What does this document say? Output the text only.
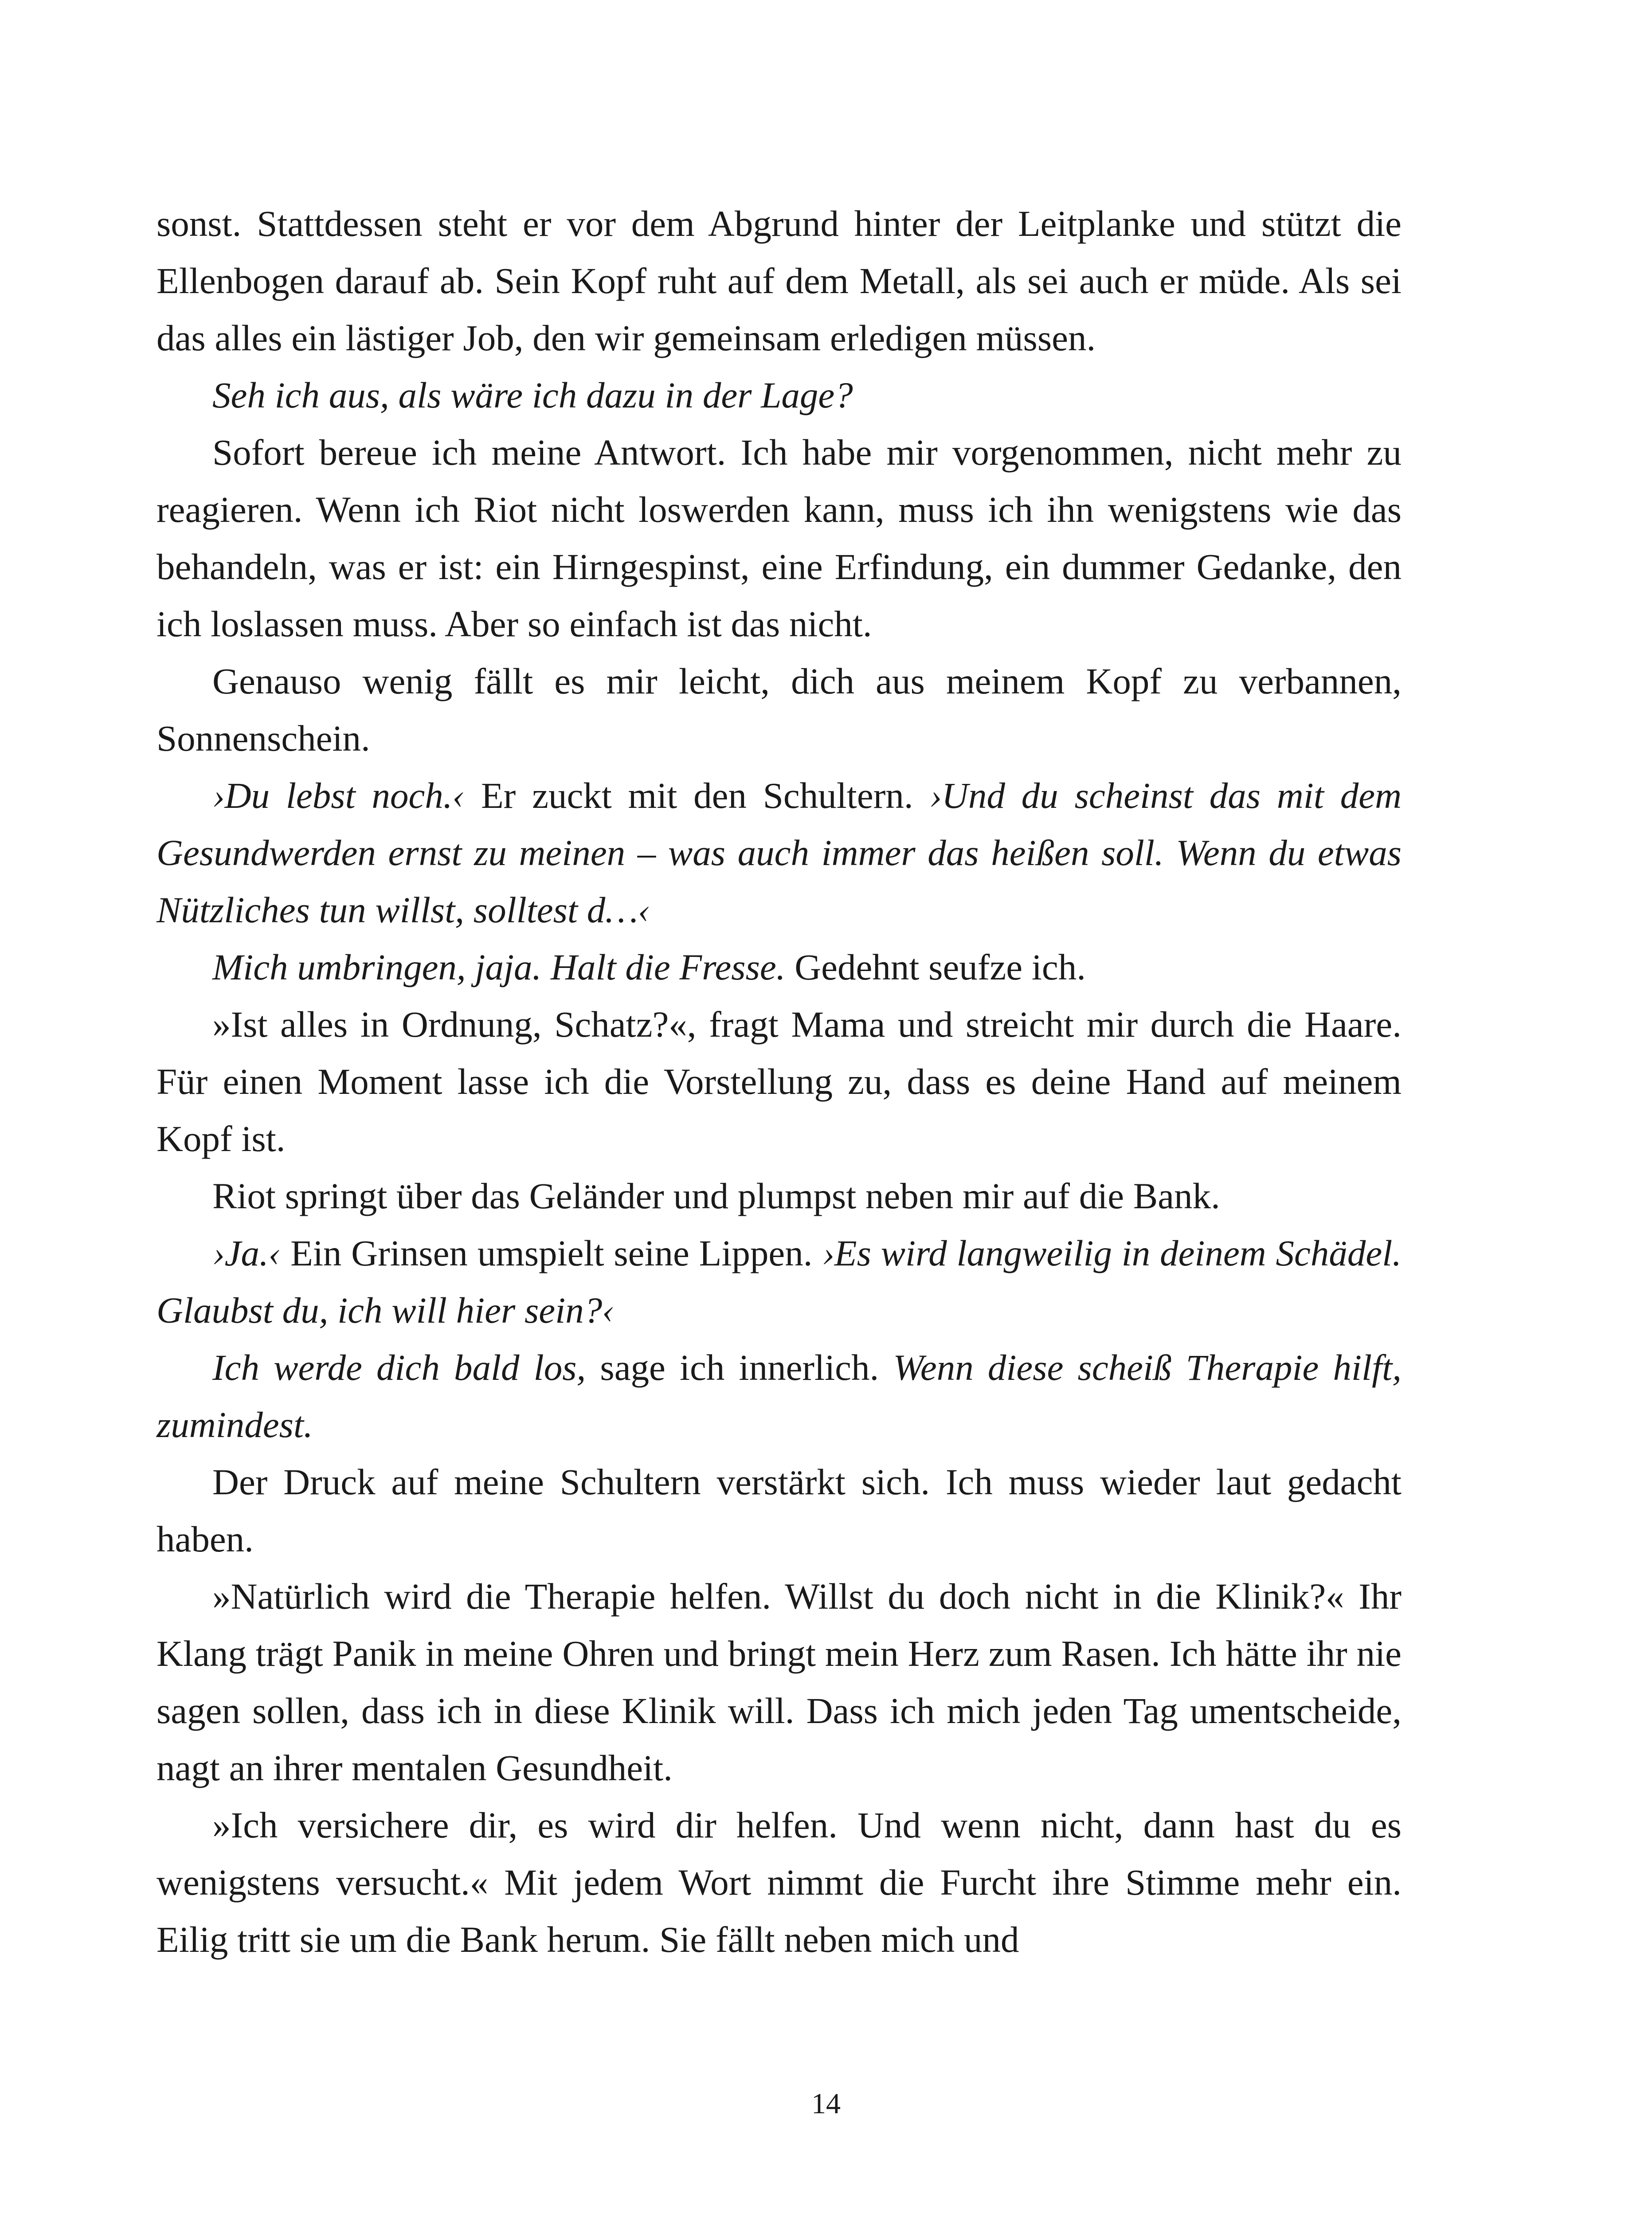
sonst. Stattdessen steht er vor dem Abgrund hinter der Leitplanke und stützt die Ellenbogen darauf ab. Sein Kopf ruht auf dem Metall, als sei auch er müde. Als sei das alles ein lästiger Job, den wir gemeinsam erledigen müssen.

Seh ich aus, als wäre ich dazu in der Lage?

Sofort bereue ich meine Antwort. Ich habe mir vorgenommen, nicht mehr zu reagieren. Wenn ich Riot nicht loswerden kann, muss ich ihn wenigstens wie das behandeln, was er ist: ein Hirngespinst, eine Erfindung, ein dummer Gedanke, den ich loslassen muss. Aber so einfach ist das nicht.

Genauso wenig fällt es mir leicht, dich aus meinem Kopf zu verbannen, Sonnenschein.

›Du lebst noch.‹ Er zuckt mit den Schultern. ›Und du scheinst das mit dem Gesundwerden ernst zu meinen – was auch immer das heißen soll. Wenn du etwas Nützliches tun willst, solltest d…‹

Mich umbringen, jaja. Halt die Fresse. Gedehnt seufze ich.

»Ist alles in Ordnung, Schatz?«, fragt Mama und streicht mir durch die Haare. Für einen Moment lasse ich die Vorstellung zu, dass es deine Hand auf meinem Kopf ist.

Riot springt über das Geländer und plumpst neben mir auf die Bank.

›Ja.‹ Ein Grinsen umspielt seine Lippen. ›Es wird langweilig in deinem Schädel. Glaubst du, ich will hier sein?‹

Ich werde dich bald los, sage ich innerlich. Wenn diese scheiß Therapie hilft, zumindest.

Der Druck auf meine Schultern verstärkt sich. Ich muss wieder laut gedacht haben.

»Natürlich wird die Therapie helfen. Willst du doch nicht in die Klinik?« Ihr Klang trägt Panik in meine Ohren und bringt mein Herz zum Rasen. Ich hätte ihr nie sagen sollen, dass ich in diese Klinik will. Dass ich mich jeden Tag umentscheide, nagt an ihrer mentalen Gesundheit.

»Ich versichere dir, es wird dir helfen. Und wenn nicht, dann hast du es wenigstens versucht.« Mit jedem Wort nimmt die Furcht ihre Stimme mehr ein. Eilig tritt sie um die Bank herum. Sie fällt neben mich und

14
